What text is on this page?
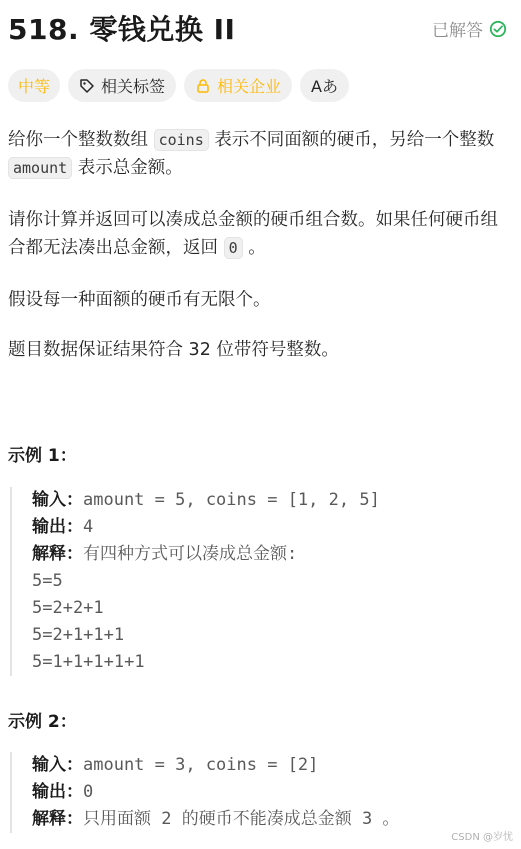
518. 零钱兑换 II	已解答
中等	相关标签	相关企业 Aあ
给你一个整数数组 coins 表示不同面额的硬币，另给一个整数 amount 表示总金额。
请你计算并返回可以凑成总金额的硬币组合数。如果任何硬币组合都无法凑出总金额，返回 0 。
假设每一种面额的硬币有无限个。
题目数据保证结果符合 32 位带符号整数。
示例 1：
输入：amount = 5, coins = [1, 2, 5]
输出：4
解释：有四种方式可以凑成总金额:
5=5
5=2+2+1
5=2+1+1+1
5=1+1+1+1+1
示例 2：
输入：amount = 3, coins = [2]
输出：0
解释：只用面额 2 的硬币不能凑成总金额 3 。
CSDN @岁忧
